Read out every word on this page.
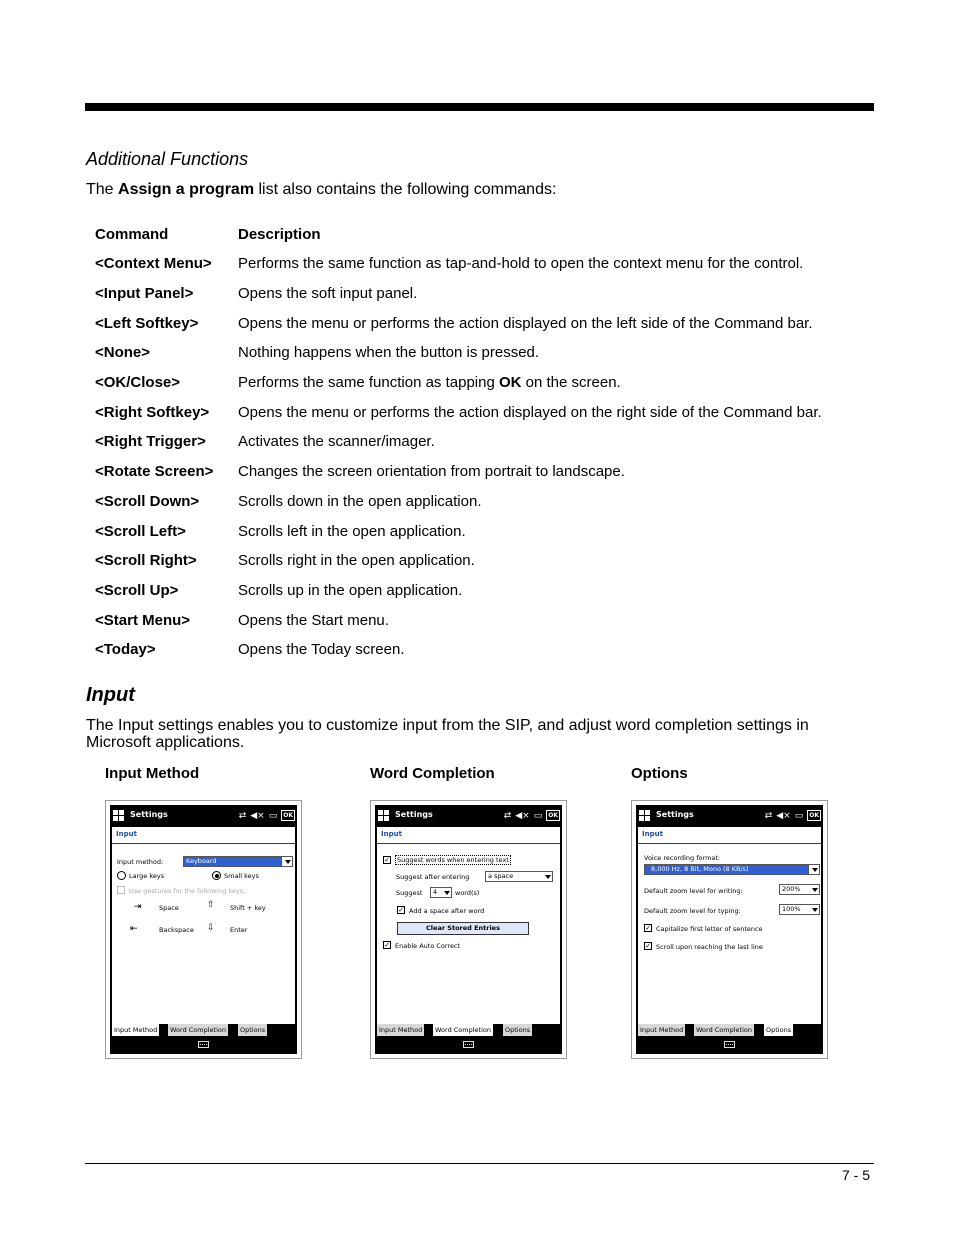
Additional Functions
The Assign a program list also contains the following commands:
Command	Description
<Context Menu>	Performs the same function as tap-and-hold to open the context menu for the control.
<Input Panel>	Opens the soft input panel.
<Left Softkey>	Opens the menu or performs the action displayed on the left side of the Command bar.
<None>	Nothing happens when the button is pressed.
<OK/Close>	Performs the same function as tapping OK on the screen.
<Right Softkey>	Opens the menu or performs the action displayed on the right side of the Command bar.
<Right Trigger>	Activates the scanner/imager.
<Rotate Screen>	Changes the screen orientation from portrait to landscape.
<Scroll Down>	Scrolls down in the open application.
<Scroll Left>	Scrolls left in the open application.
<Scroll Right>	Scrolls right in the open application.
<Scroll Up>	Scrolls up in the open application.
<Start Menu>	Opens the Start menu.
<Today>	Opens the Today screen.
Input
The Input settings enables you to customize input from the SIP, and adjust word completion settings in Microsoft applications.
Input Method	Word Completion	Options
Settings	⇄ ◀× ▭	OK
Input
Input method:	Keyboard
Large keys	Small keys
Use gestures for the following keys:
⇥	Space	⇧ Shift + key
⇤	Backspace ⇩ Enter
Input Method	Word Completion	Options
Settings	⇄ ◀× ▭	OK
Input
✓	Suggest words when entering text
Suggest after entering	a space
Suggest	4	word(s)
✓ Add a space after word
Clear Stored Entries
✓ Enable Auto Correct
Input Method	Word Completion	Options
Settings	⇄ ◀× ▭	OK
Input
Voice recording format:
8,000 Hz, 8 Bit, Mono (8 KB/s)
Default zoom level for writing:	200%
Default zoom level for typing:	100%
✓ Capitalize first letter of sentence
✓ Scroll upon reaching the last line
Input Method	Word Completion	Options
7 - 5
